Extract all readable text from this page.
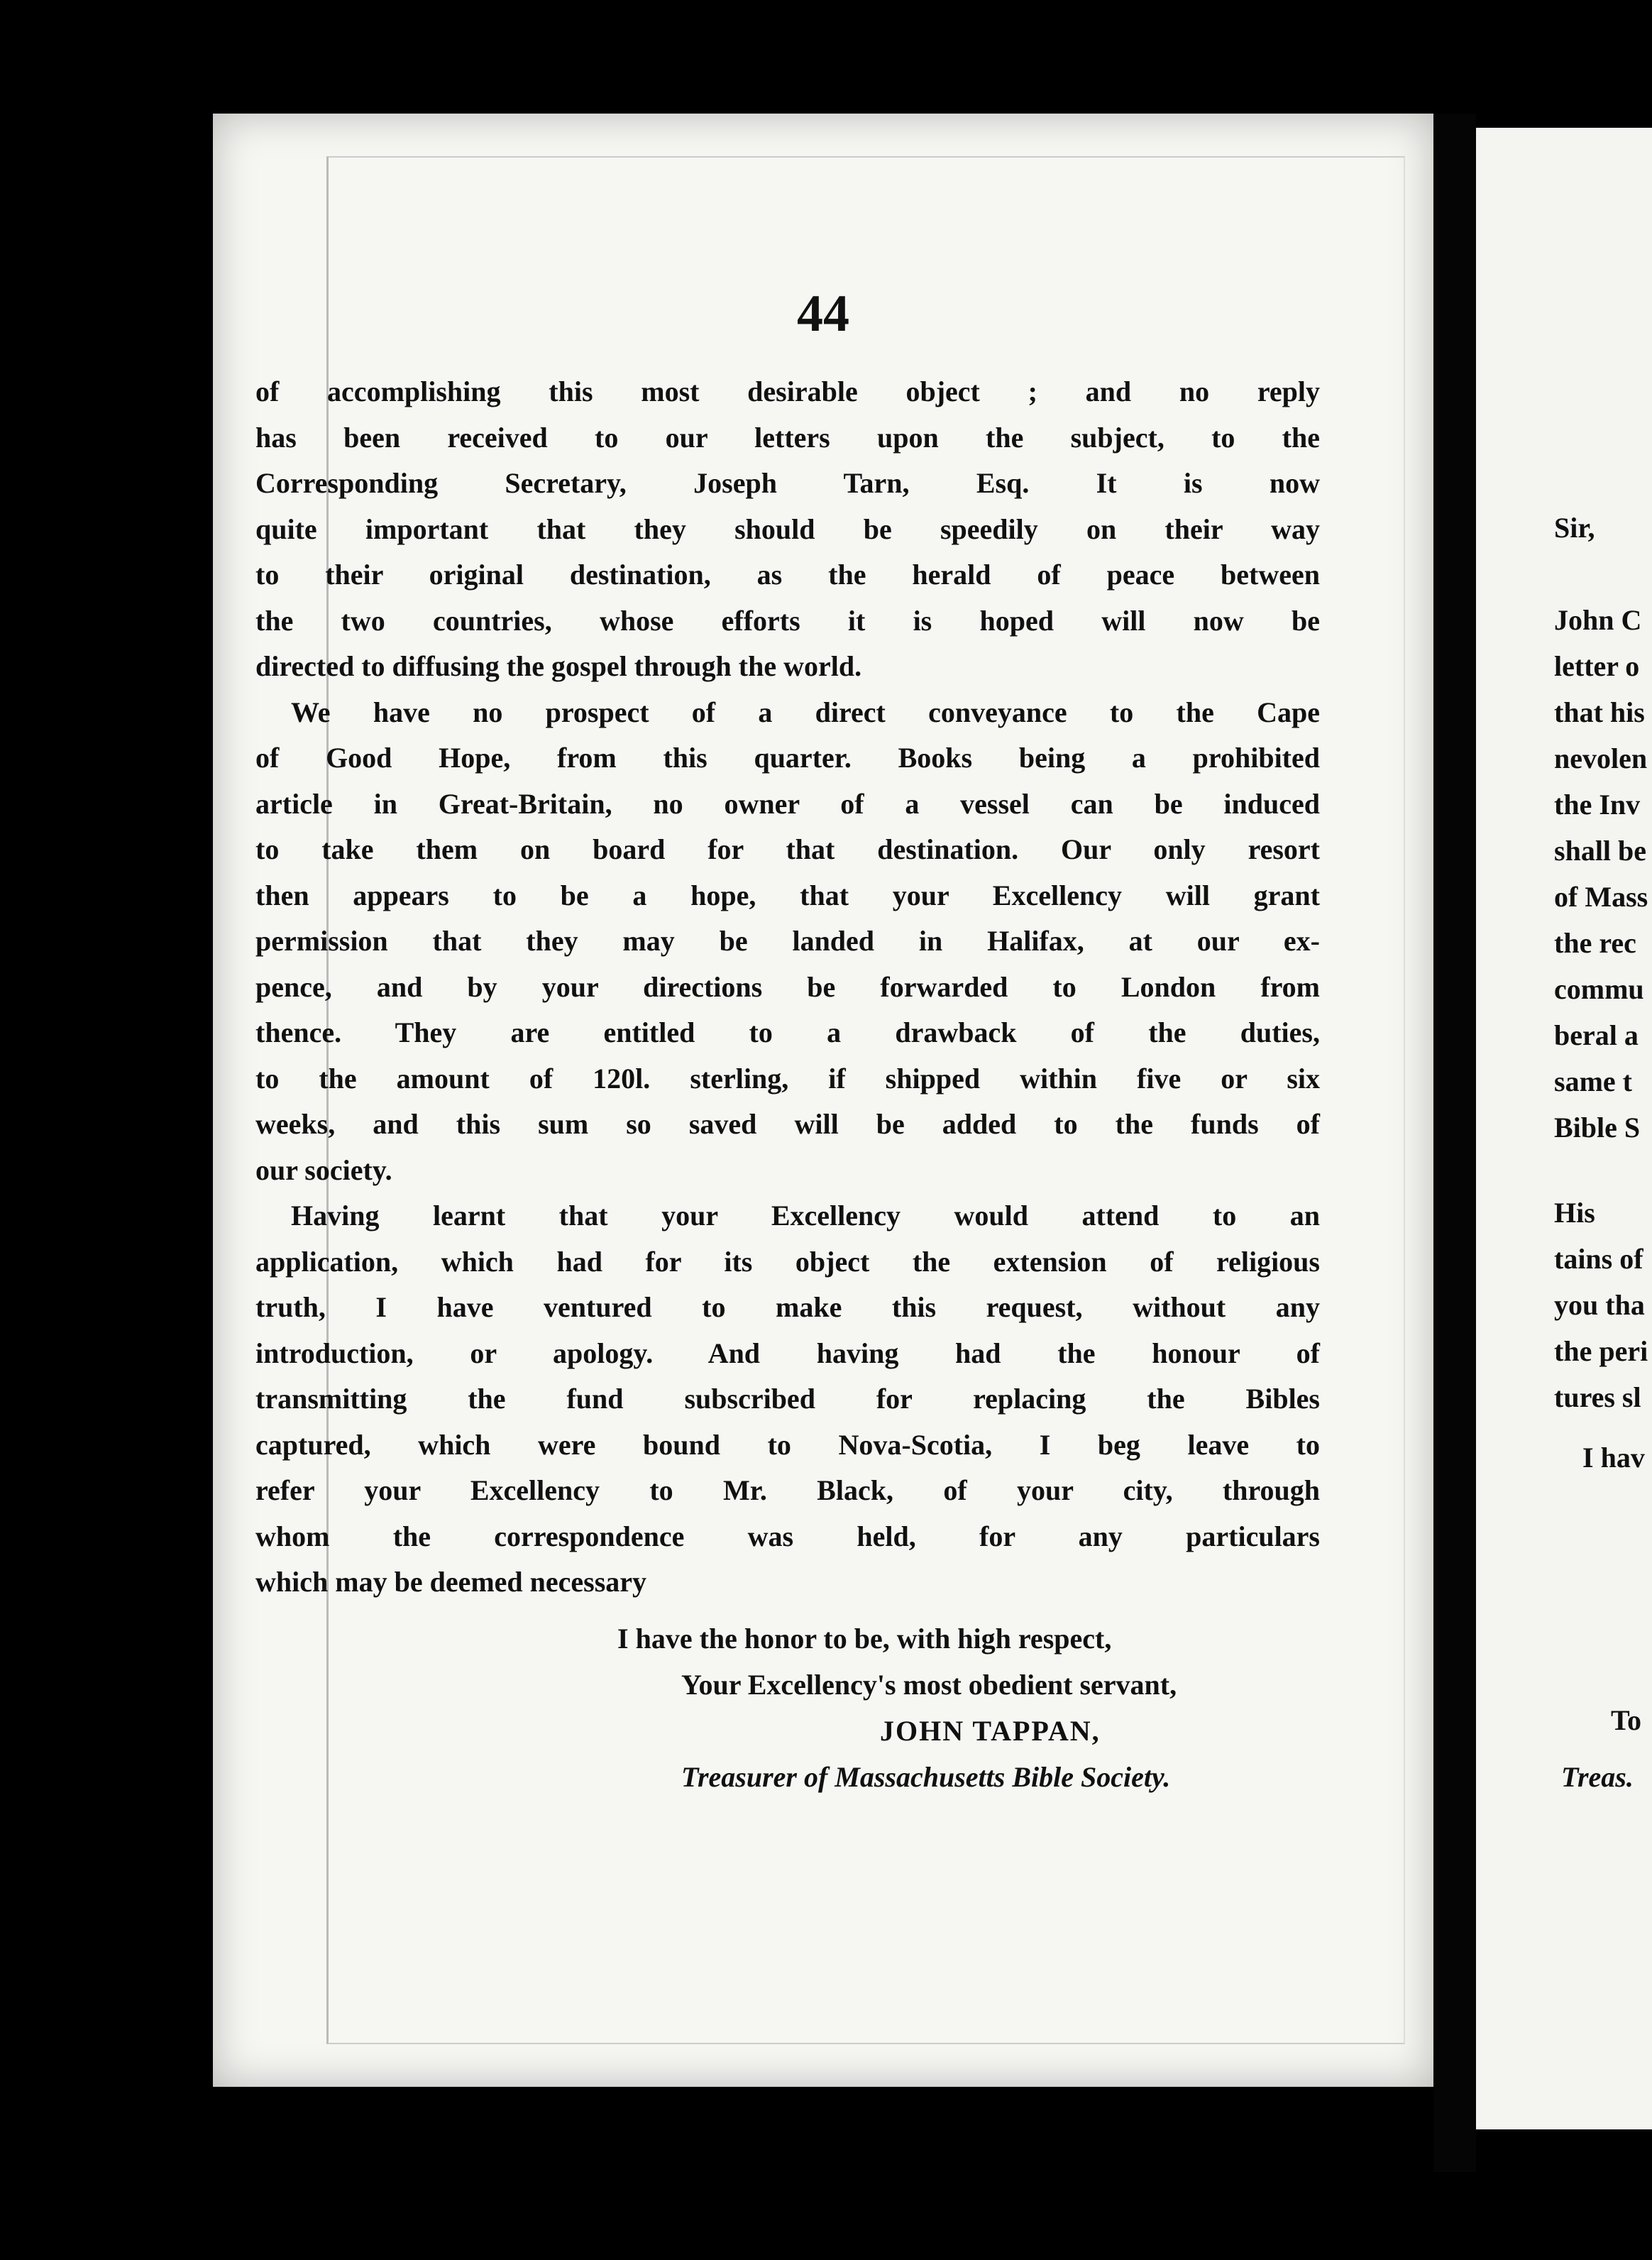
44
of accomplishing this most desirable object ; and no reply
has been received to our letters upon the subject, to the
Corresponding Secretary, Joseph Tarn, Esq. It is now
quite important that they should be speedily on their way
to their original destination, as the herald of peace between
the two countries, whose efforts it is hoped will now be
directed to diffusing the gospel through the world.
We have no prospect of a direct conveyance to the Cape
of Good Hope, from this quarter. Books being a prohibited
article in Great-Britain, no owner of a vessel can be induced
to take them on board for that destination. Our only resort
then appears to be a hope, that your Excellency will grant
permission that they may be landed in Halifax, at our ex-
pence, and by your directions be forwarded to London from
thence. They are entitled to a drawback of the duties,
to the amount of 120l. sterling, if shipped within five or six
weeks, and this sum so saved will be added to the funds of
our society.
Having learnt that your Excellency would attend to an
application, which had for its object the extension of religious
truth, I have ventured to make this request, without any
introduction, or apology. And having had the honour of
transmitting the fund subscribed for replacing the Bibles
captured, which were bound to Nova-Scotia, I beg leave to
refer your Excellency to Mr. Black, of your city, through
whom the correspondence was held, for any particulars
which may be deemed necessary
I have the honor to be, with high respect,
Your Excellency's most obedient servant,
JOHN TAPPAN,
Treasurer of Massachusetts Bible Society.
Sir,
John C
letter o
that his
nevolen
the Inv
shall be
of Mass
the rec
commu
beral a
same t
Bible S
His
tains of
you tha
the peri
tures sl
I hav
To
Treas.
